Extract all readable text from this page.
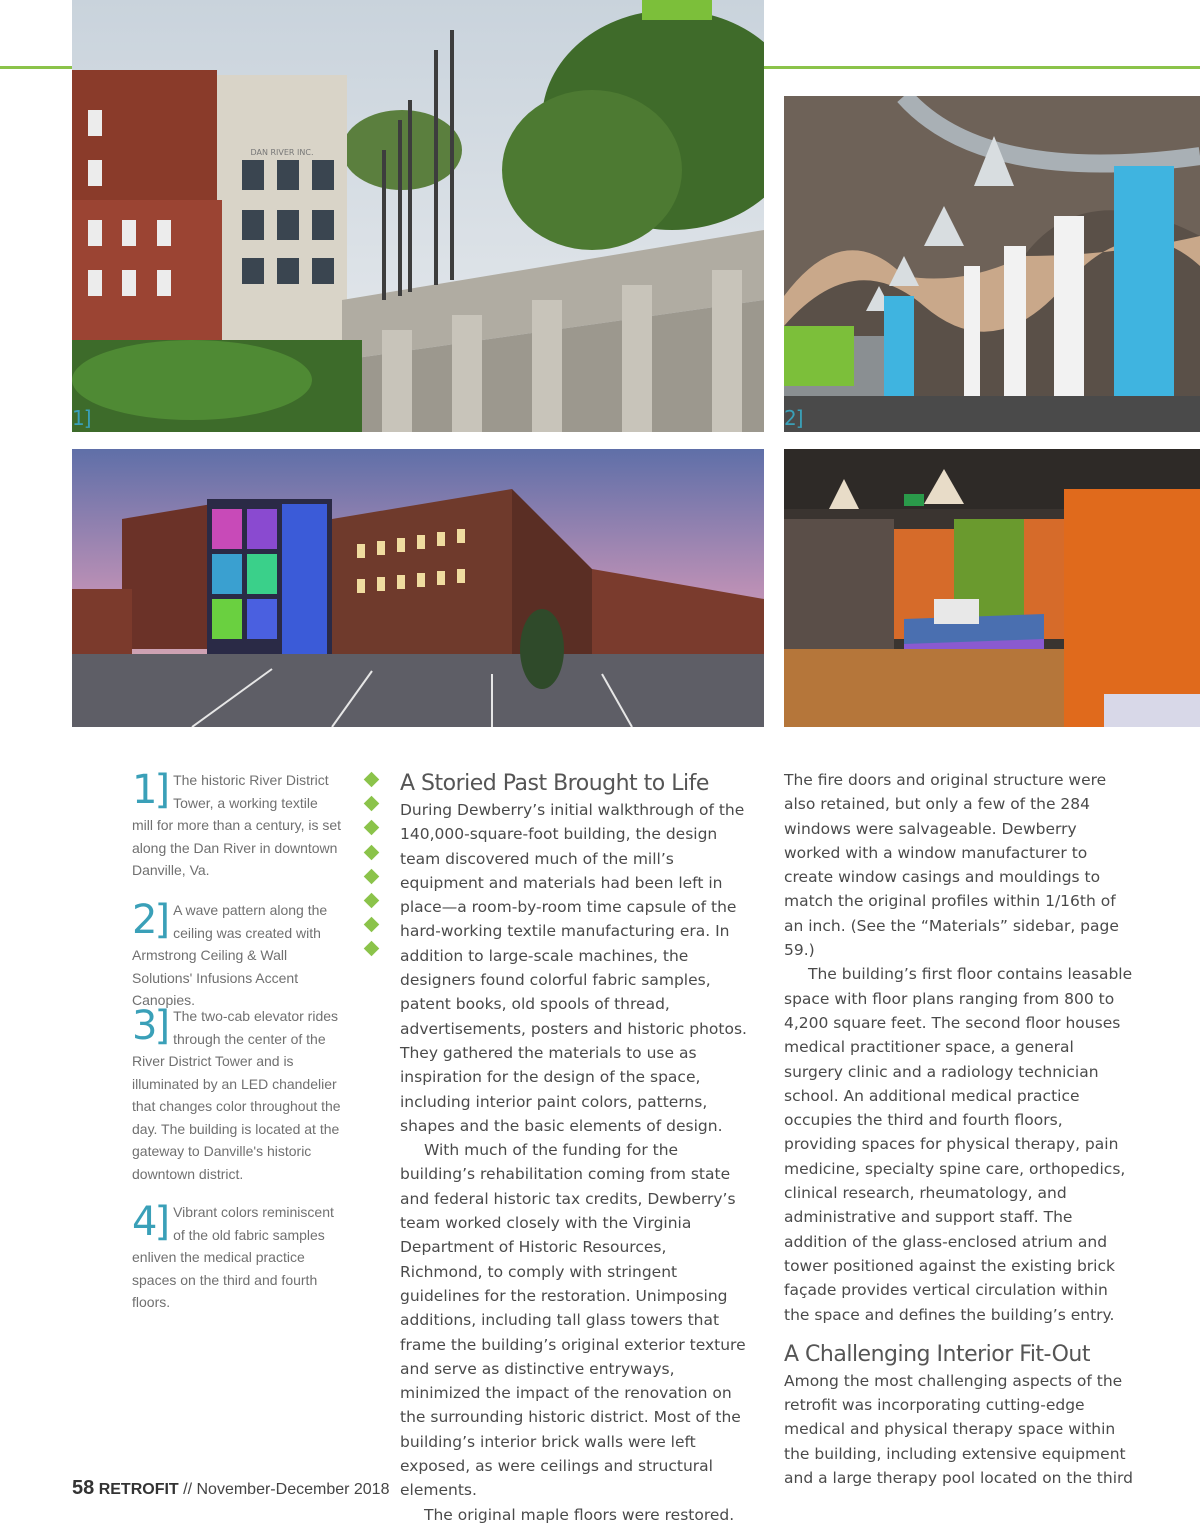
DAN RIVER INC.
1]	2]
1] The historic River District Tower, a working textile mill for more than a century, is set along the Dan River in downtown Danville, Va.
2] A wave pattern along the ceiling was created with Armstrong Ceiling & Wall Solutions' Infusions Accent Canopies.
3] The two-cab elevator rides through the center of the River District Tower and is illuminated by an LED chandelier that changes color throughout the day. The building is located at the gateway to Danville's historic downtown district.
4] Vibrant colors reminiscent of the old fabric samples enliven the medical practice spaces on the third and fourth floors.
A Storied Past Brought to Life

During Dewberry’s initial walkthrough of the 140,000-square-foot building, the design team discovered much of the mill’s equipment and materials had been left in place—a room-by-room time capsule of the hard-working textile manufacturing era. In addition to large-scale machines, the designers found colorful fabric samples, patent books, old spools of thread, advertisements, posters and historic photos. They gathered the materials to use as inspiration for the design of the space, including interior paint colors, patterns, shapes and the basic elements of design.

With much of the funding for the building’s rehabilitation coming from state and federal historic tax credits, Dewberry’s team worked closely with the Virginia Department of Historic Resources, Richmond, to comply with stringent guidelines for the restoration. Unimposing additions, including tall glass towers that frame the building’s original exterior texture and serve as distinctive entryways, minimized the impact of the renovation on the surrounding historic district. Most of the building’s interior brick walls were left exposed, as were ceilings and structural elements.

The original maple floors were restored.

The fire doors and original structure were also retained, but only a few of the 284 windows were salvageable. Dewberry worked with a window manufacturer to create window casings and mouldings to match the original profiles within 1/16th of an inch. (See the “Materials” sidebar, page 59.)

The building’s first floor contains leasable space with floor plans ranging from 800 to 4,200 square feet. The second floor houses medical practitioner space, a general surgery clinic and a radiology technician school. An additional medical practice occupies the third and fourth floors, providing spaces for physical therapy, pain medicine, specialty spine care, orthopedics, clinical research, rheumatology, and administrative and support staff. The addition of the glass-enclosed atrium and tower positioned against the existing brick façade provides vertical circulation within the space and defines the building’s entry.

A Challenging Interior Fit-Out

Among the most challenging aspects of the retrofit was incorporating cutting-edge medical and physical therapy space within the building, including extensive equipment and a large therapy pool located on the third

58 RETROFIT // November-December 2018
